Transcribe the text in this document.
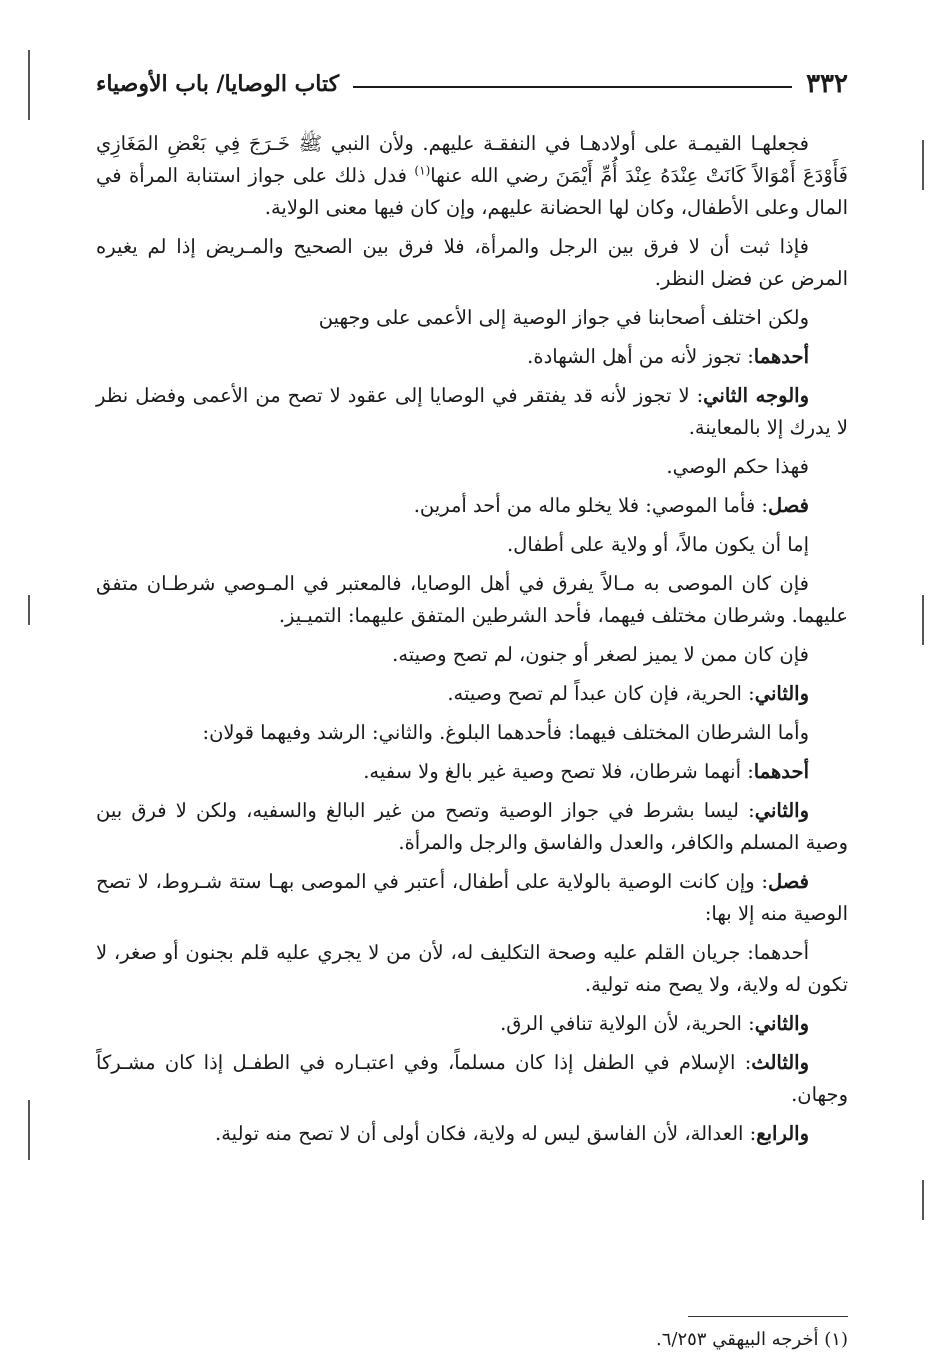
٣٣٢
كتاب الوصايا/ باب الأوصياء

فجعلهـا القيمـة على أولادهـا في النفقـة عليهم. ولأن النبي ﷺ خَـرَجَ فِي بَعْضِ المَغَازِي فَأَوْدَعَ أَمْوَالاً كَانَتْ عِنْدَهُ عِنْدَ أُمِّ أَيْمَنَ رضي الله عنها$^{(١)}$ فدل ذلك على جواز استنابة المرأة في المال وعلى الأطفال، وكان لها الحضانة عليهم، وإن كان فيها معنى الولاية.

فإذا ثبت أن لا فرق بين الرجل والمرأة، فلا فرق بين الصحيح والمـريض إذا لم يغيره المرض عن فضل النظر.

ولكن اختلف أصحابنا في جواز الوصية إلى الأعمى على وجهين

أحدهما: تجوز لأنه من أهل الشهادة.

والوجه الثاني: لا تجوز لأنه قد يفتقر في الوصايا إلى عقود لا تصح من الأعمى وفضل نظر لا يدرك إلا بالمعاينة.

فهذا حكم الوصي.

فصل: فأما الموصي: فلا يخلو ماله من أحد أمرين.

إما أن يكون مالاً، أو ولاية على أطفال.

فإن كان الموصى به مـالاً يفرق في أهل الوصايا، فالمعتبر في المـوصي شرطـان متفق عليهما. وشرطان مختلف فيهما، فأحد الشرطين المتفق عليهما: التميـيز.

فإن كان ممن لا يميز لصغر أو جنون، لم تصح وصيته.

والثاني: الحرية، فإن كان عبداً لم تصح وصيته.

وأما الشرطان المختلف فيهما: فأحدهما البلوغ. والثاني: الرشد وفيهما قولان:

أحدهما: أنهما شرطان، فلا تصح وصية غير بالغ ولا سفيه.

والثاني: ليسا بشرط في جواز الوصية وتصح من غير البالغ والسفيه، ولكن لا فرق بين وصية المسلم والكافر، والعدل والفاسق والرجل والمرأة.

فصل: وإن كانت الوصية بالولاية على أطفال، أعتبر في الموصى بهـا ستة شـروط، لا تصح الوصية منه إلا بها:

أحدهما: جريان القلم عليه وصحة التكليف له، لأن من لا يجري عليه قلم بجنون أو صغر، لا تكون له ولاية، ولا يصح منه تولية.

والثاني: الحرية، لأن الولاية تنافي الرق.

والثالث: الإسلام في الطفل إذا كان مسلماً، وفي اعتبـاره في الطفـل إذا كان مشـركاً وجهان.

والرابع: العدالة، لأن الفاسق ليس له ولاية، فكان أولى أن لا تصح منه تولية.

(١) أخرجه البيهقي ٦/٢٥٣.
